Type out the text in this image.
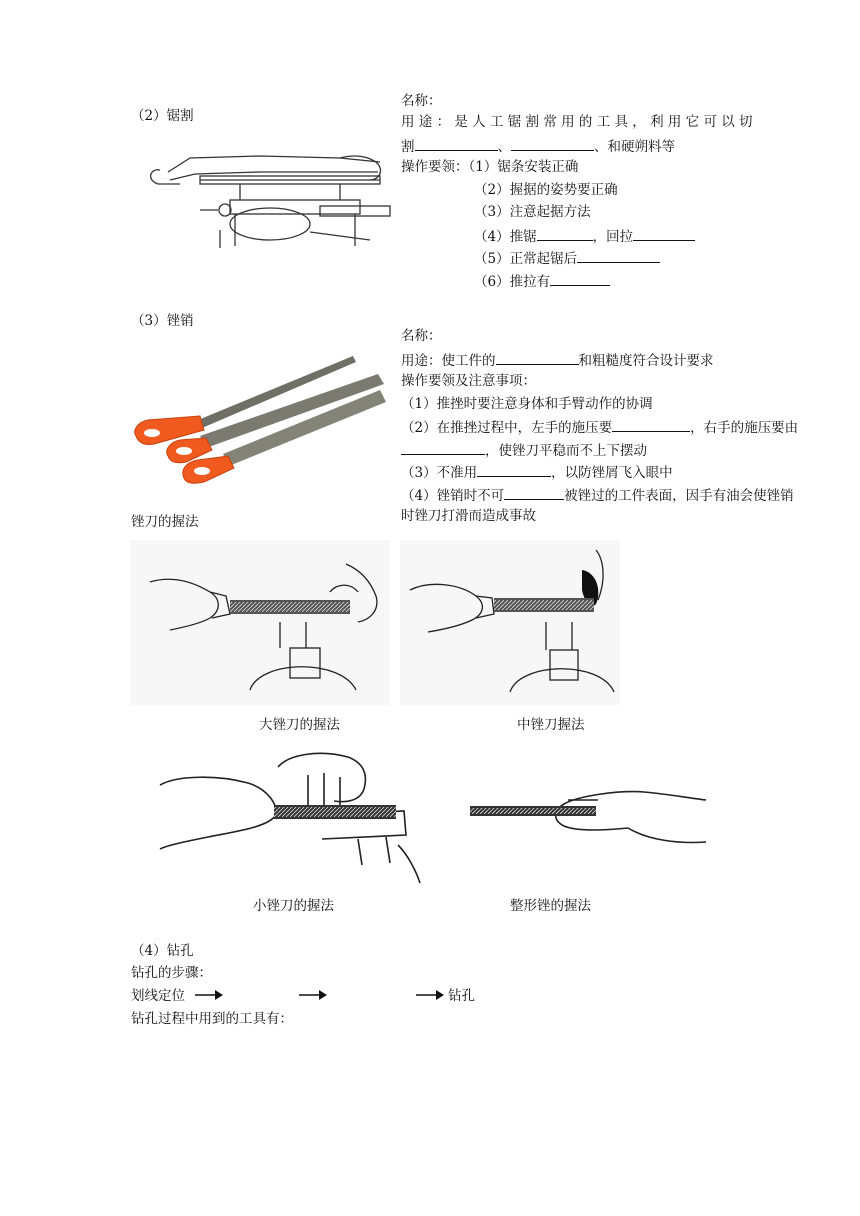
（2）锯割
名称：
用 途 ： 是 人 工 锯 割 常 用 的 工 具 ， 利 用 它 可 以 切
割	、	、和硬朔料等
操作要领：（1）锯条安装正确
（2）握据的姿势要正确
（3）注意起据方法
（4）推锯	，回拉
（5）正常起锯后
（6）推拉有
（3）锉销
名称：
用途：使工件的	和粗糙度符合设计要求
操作要领及注意事项：
（1）推挫时要注意身体和手臂动作的协调
（2）在推挫过程中，左手的施压要	，右手的施压要由
，使锉刀平稳而不上下摆动
（3）不准用	，以防锉屑飞入眼中
（4）锉销时不可	被锉过的工件表面，因手有油会使锉销
时锉刀打滑而造成事故
锉刀的握法
大锉刀的握法	中锉刀握法
小锉刀的握法	整形锉的握法
（4）钻孔
钻孔的步骤：
划线定位	钻孔
钻孔过程中用到的工具有：
